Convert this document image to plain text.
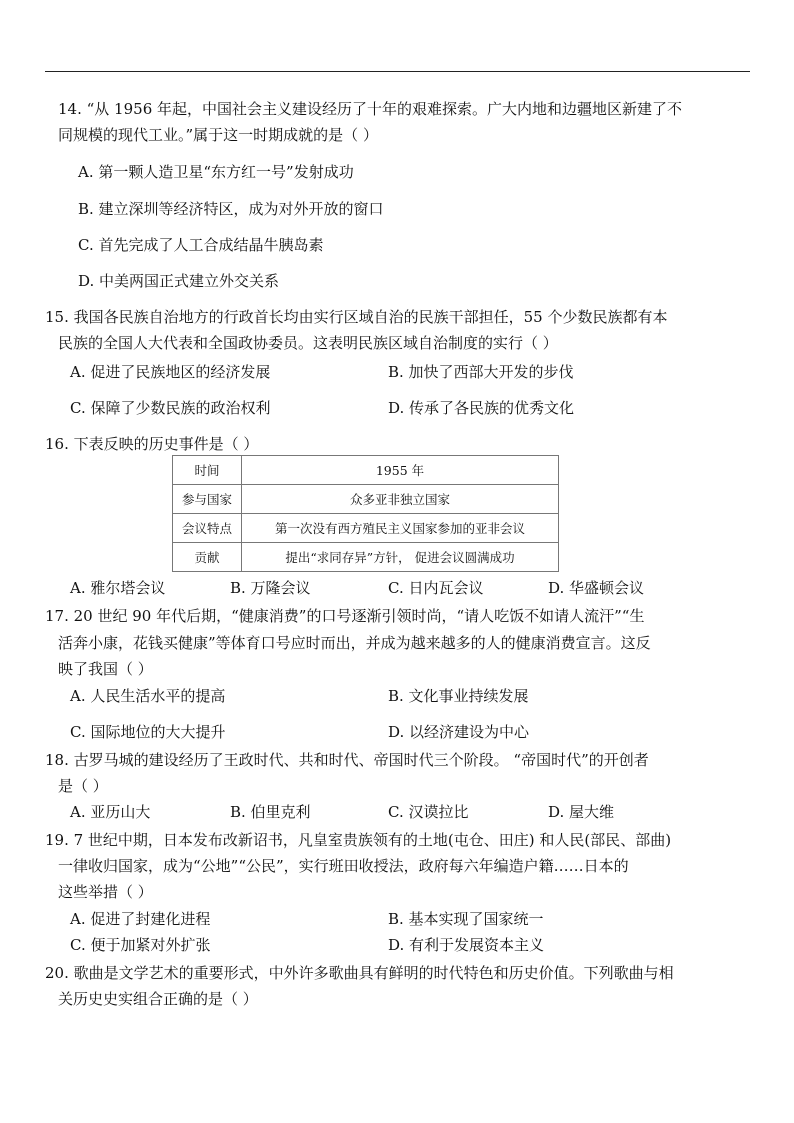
14. “从 1956 年起，中国社会主义建设经历了十年的艰难探索。广大内地和边疆地区新建了不
同规模的现代工业。”属于这一时期成就的是（ ）
A. 第一颗人造卫星“东方红一号”发射成功
B. 建立深圳等经济特区，成为对外开放的窗口
C. 首先完成了人工合成结晶牛胰岛素
D. 中美两国正式建立外交关系
15. 我国各民族自治地方的行政首长均由实行区域自治的民族干部担任，55 个少数民族都有本
民族的全国人大代表和全国政协委员。这表明民族区域自治制度的实行（ ）
A. 促进了民族地区的经济发展	B. 加快了西部大开发的步伐
C. 保障了少数民族的政治权利	D. 传承了各民族的优秀文化
16. 下表反映的历史事件是（ ）
时间	1955 年
参与国家	众多亚非独立国家
会议特点	第一次没有西方殖民主义国家参加的亚非会议
贡献	提出“求同存异”方针， 促进会议圆满成功
A. 雅尔塔会议	B. 万隆会议	C. 日内瓦会议	D. 华盛顿会议
17. 20 世纪 90 年代后期，“健康消费”的口号逐渐引领时尚，“请人吃饭不如请人流汗”“生
活奔小康，花钱买健康”等体育口号应时而出，并成为越来越多的人的健康消费宣言。这反
映了我国（ ）
A. 人民生活水平的提高	B. 文化事业持续发展
C. 国际地位的大大提升	D. 以经济建设为中心
18. 古罗马城的建设经历了王政时代、共和时代、帝国时代三个阶段。 “帝国时代”的开创者
是（ ）
A. 亚历山大	B. 伯里克利	C. 汉谟拉比	D. 屋大维
19. 7 世纪中期，日本发布改新诏书，凡皇室贵族领有的土地(屯仓、田庄) 和人民(部民、部曲)
一律收归国家，成为“公地”“公民”，实行班田收授法，政府每六年编造户籍……日本的
这些举措（ ）
A. 促进了封建化进程	B. 基本实现了国家统一
C. 便于加紧对外扩张	D. 有利于发展资本主义
20. 歌曲是文学艺术的重要形式，中外许多歌曲具有鲜明的时代特色和历史价值。下列歌曲与相
关历史史实组合正确的是（ ）
